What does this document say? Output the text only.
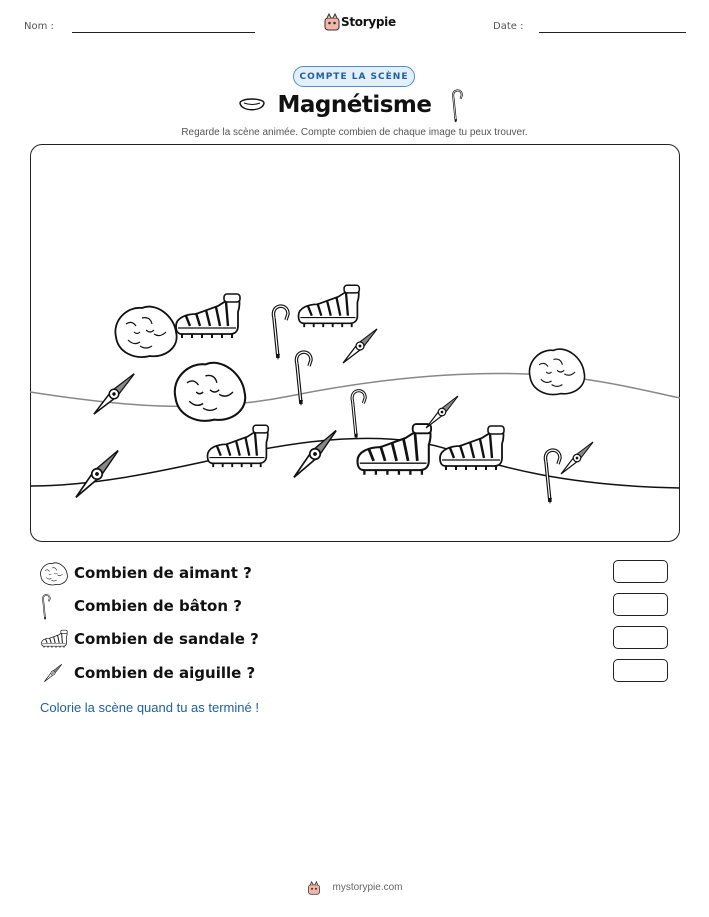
Nom :	Storypie	Date :
COMPTE LA SCÈNE
Magnétisme
Regarde la scène animée. Compte combien de chaque image tu peux trouver.
Combien de aimant ?
Combien de bâton ?
Combien de sandale ?
Combien de aiguille ?
Colorie la scène quand tu as terminé !
mystorypie.com
